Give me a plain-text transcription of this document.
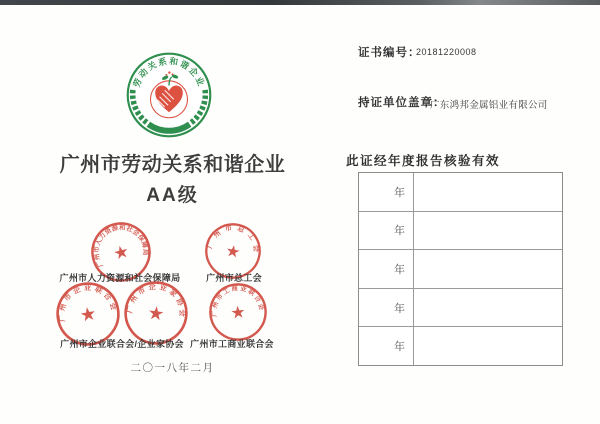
劳动关系和谐企业
广州市劳动关系和谐企业
AA级
★
广州市人力资源和社会保障局	★
广州市总工会
广州市人力资源和社会保障局	广州市总工会
★
广州市企业联合会 ★
广州市企业家协会 ★
广州市工商业联合会
广州市企业联合会/企业家协会 广州市工商业联合会
二〇一八年二月
证书编号：
20181220008
持证单位盖章：
广东鸿邦金属铝业有限公司
此证经年度报告核验有效
年
年
年
年
年
